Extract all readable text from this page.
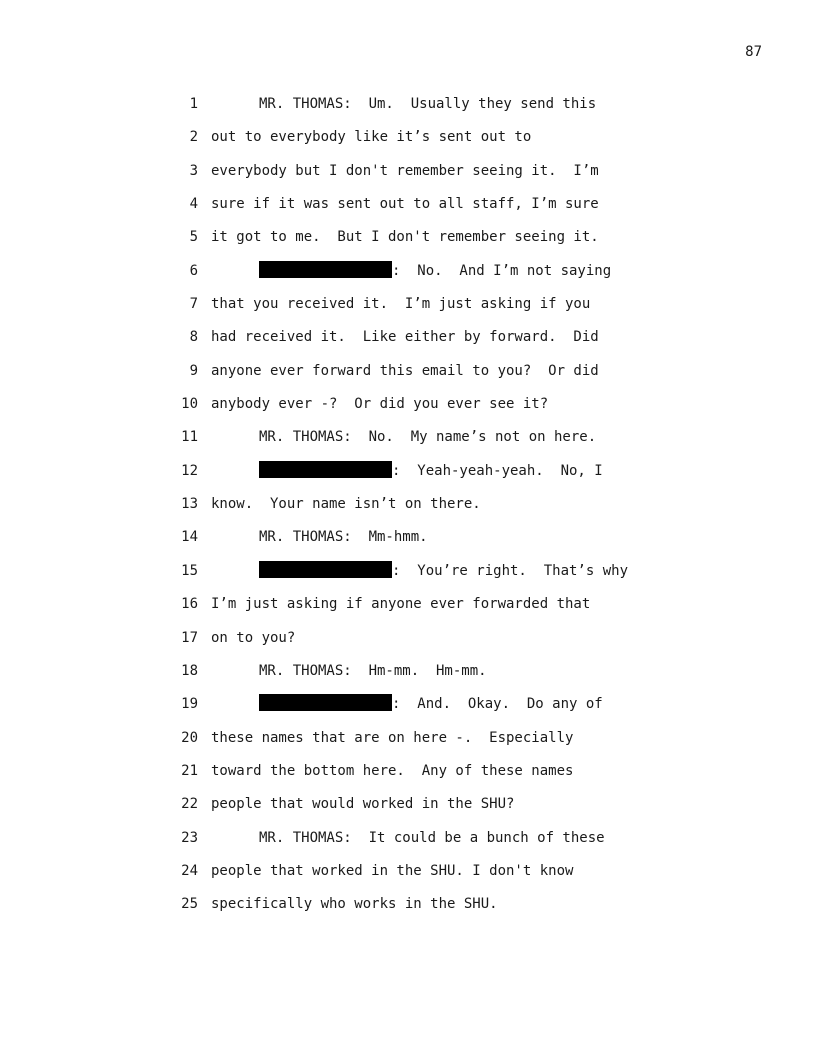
87
1	MR. THOMAS:  Um.  Usually they send this
2 out to everybody like it’s sent out to
3 everybody but I don't remember seeing it.  I’m
4 sure if it was sent out to all staff, I’m sure
5 it got to me.  But I don't remember seeing it.
6	:  No.  And I’m not saying
7 that you received it.  I’m just asking if you
8 had received it.  Like either by forward.  Did
9 anyone ever forward this email to you?  Or did
10 anybody ever -?  Or did you ever see it?
11	MR. THOMAS:  No.  My name’s not on here.
12	:  Yeah-yeah-yeah.  No, I
13 know.  Your name isn’t on there.
14	MR. THOMAS:  Mm-hmm.
15	:  You’re right.  That’s why
16 I’m just asking if anyone ever forwarded that
17 on to you?
18	MR. THOMAS:  Hm-mm.  Hm-mm.
19	:  And.  Okay.  Do any of
20 these names that are on here -.  Especially
21 toward the bottom here.  Any of these names
22 people that would worked in the SHU?
23	MR. THOMAS:  It could be a bunch of these
24 people that worked in the SHU. I don't know
25 specifically who works in the SHU.
